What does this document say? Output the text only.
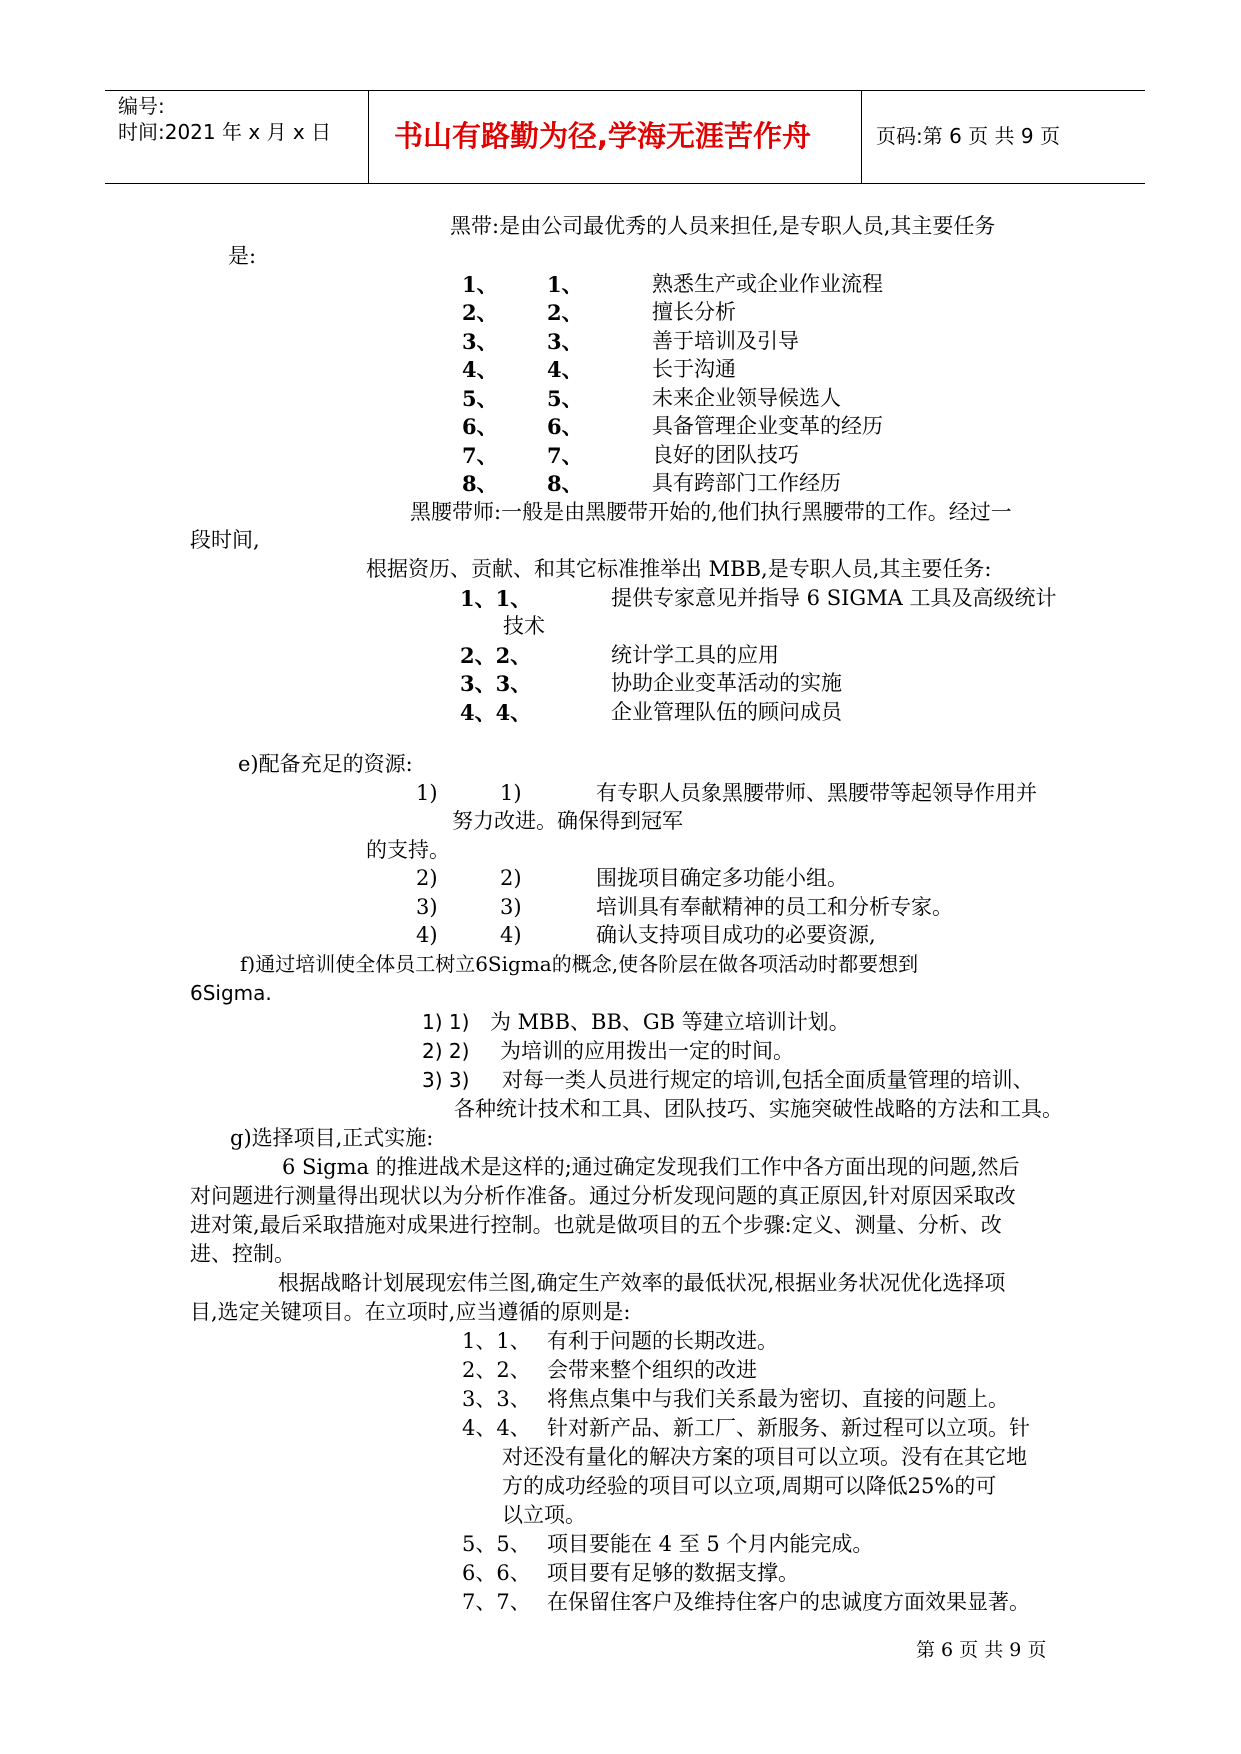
编号:
时间:2021 年 x 月 x 日 书山有路勤为径,学海无涯苦作舟	页码:第 6 页 共 9 页
黑带:是由公司最优秀的人员来担任,是专职人员,其主要任务
是:
1、 1、	熟悉生产或企业作业流程
2、 2、	擅长分析
3、 3、	善于培训及引导
4、 4、	长于沟通
5、 5、	未来企业领导候选人
6、 6、	具备管理企业变革的经历
7、 7、	良好的团队技巧
8、 8、	具有跨部门工作经历
黑腰带师:一般是由黑腰带开始的,他们执行黑腰带的工作。经过一
段时间,
根据资历、贡献、和其它标准推举出 MBB,是专职人员,其主要任务:
1、1、	提供专家意见并指导 6 SIGMA 工具及高级统计
技术
2、2、	统计学工具的应用
3、3、	协助企业变革活动的实施
4、4、	企业管理队伍的顾问成员
e)配备充足的资源:
1)	1)	有专职人员象黑腰带师、黑腰带等起领导作用并
努力改进。确保得到冠军
的支持。
2)	2)	围拢项目确定多功能小组。
3)	3)	培训具有奉献精神的员工和分析专家。
4)	4)	确认支持项目成功的必要资源,
f)通过培训使全体员工树立6Sigma的概念,使各阶层在做各项活动时都要想到
6Sigma.
1) 1) 为 MBB、BB、GB 等建立培训计划。
2) 2) 为培训的应用拨出一定的时间。
3) 3) 对每一类人员进行规定的培训,包括全面质量管理的培训、
各种统计技术和工具、团队技巧、实施突破性战略的方法和工具。
g)选择项目,正式实施:
6 Sigma 的推进战术是这样的;通过确定发现我们工作中各方面出现的问题,然后
对问题进行测量得出现状以为分析作准备。通过分析发现问题的真正原因,针对原因采取改
进对策,最后采取措施对成果进行控制。也就是做项目的五个步骤:定义、测量、分析、改
进、控制。
根据战略计划展现宏伟兰图,确定生产效率的最低状况,根据业务状况优化选择项
目,选定关键项目。在立项时,应当遵循的原则是:
1、1、 有利于问题的长期改进。
2、2、 会带来整个组织的改进
3、3、 将焦点集中与我们关系最为密切、直接的问题上。
4、4、 针对新产品、新工厂、新服务、新过程可以立项。针
对还没有量化的解决方案的项目可以立项。没有在其它地
方的成功经验的项目可以立项,周期可以降低25%的可
以立项。
5、5、 项目要能在 4 至 5 个月内能完成。
6、6、 项目要有足够的数据支撑。
7、7、 在保留住客户及维持住客户的忠诚度方面效果显著。
第 6 页 共 9 页
